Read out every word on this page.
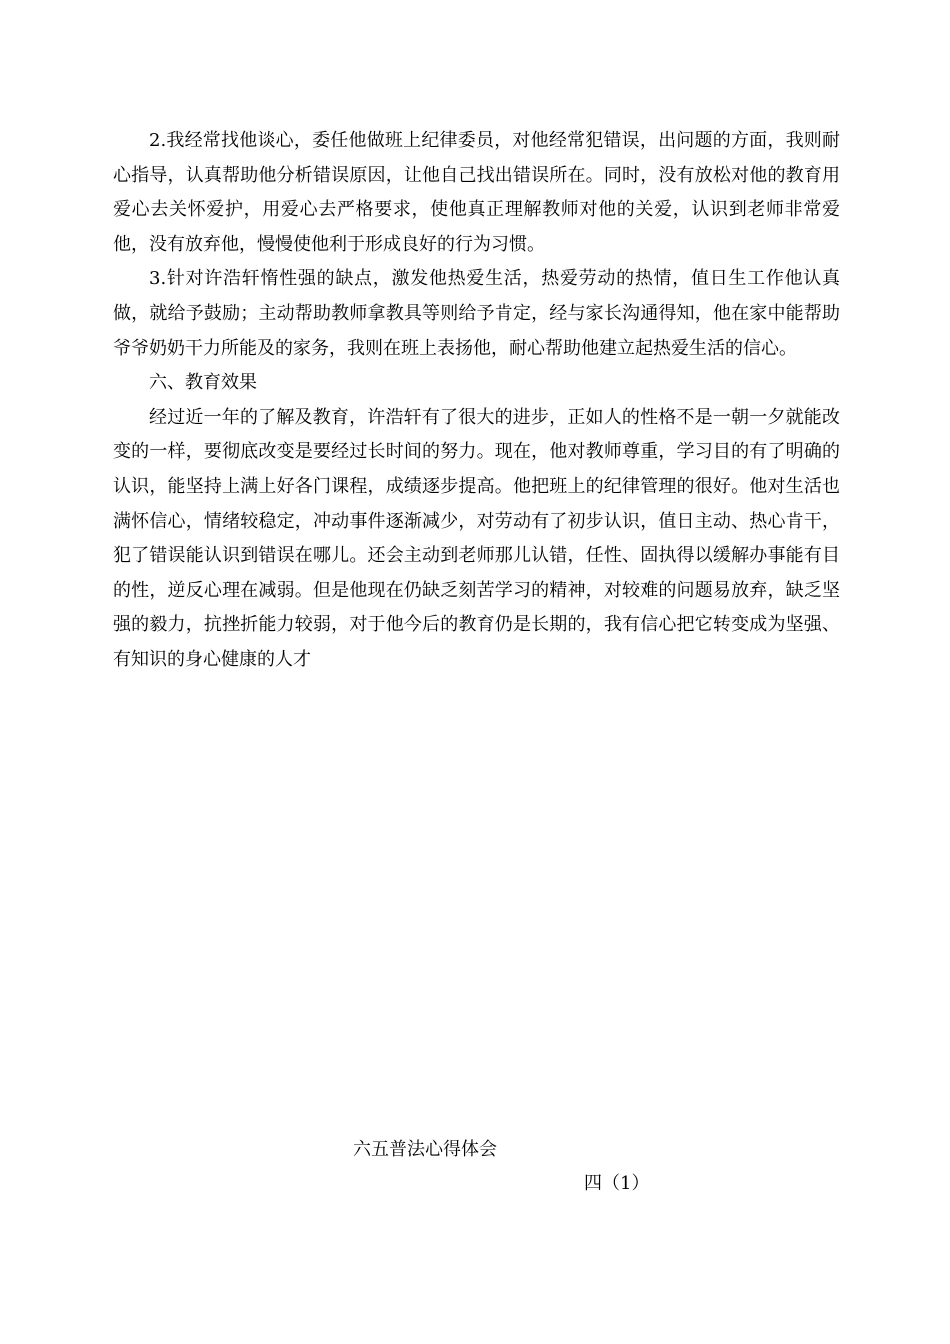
2.我经常找他谈心，委任他做班上纪律委员，对他经常犯错误，出问题的方面，我则耐心指导，认真帮助他分析错误原因，让他自己找出错误所在。同时，没有放松对他的教育用爱心去关怀爱护，用爱心去严格要求，使他真正理解教师对他的关爱，认识到老师非常爱他，没有放弃他，慢慢使他利于形成良好的行为习惯。

3.针对许浩轩惰性强的缺点，激发他热爱生活，热爱劳动的热情，值日生工作他认真做，就给予鼓励；主动帮助教师拿教具等则给予肯定，经与家长沟通得知，他在家中能帮助爷爷奶奶干力所能及的家务，我则在班上表扬他，耐心帮助他建立起热爱生活的信心。

六、教育效果

经过近一年的了解及教育，许浩轩有了很大的进步，正如人的性格不是一朝一夕就能改变的一样，要彻底改变是要经过长时间的努力。现在，他对教师尊重，学习目的有了明确的认识，能坚持上满上好各门课程，成绩逐步提高。他把班上的纪律管理的很好。他对生活也满怀信心，情绪较稳定，冲动事件逐渐减少，对劳动有了初步认识，值日主动、热心肯干，犯了错误能认识到错误在哪儿。还会主动到老师那儿认错，任性、固执得以缓解办事能有目的性，逆反心理在减弱。但是他现在仍缺乏刻苦学习的精神，对较难的问题易放弃，缺乏坚强的毅力，抗挫折能力较弱，对于他今后的教育仍是长期的，我有信心把它转变成为坚强、有知识的身心健康的人才

六五普法心得体会
四（1）
